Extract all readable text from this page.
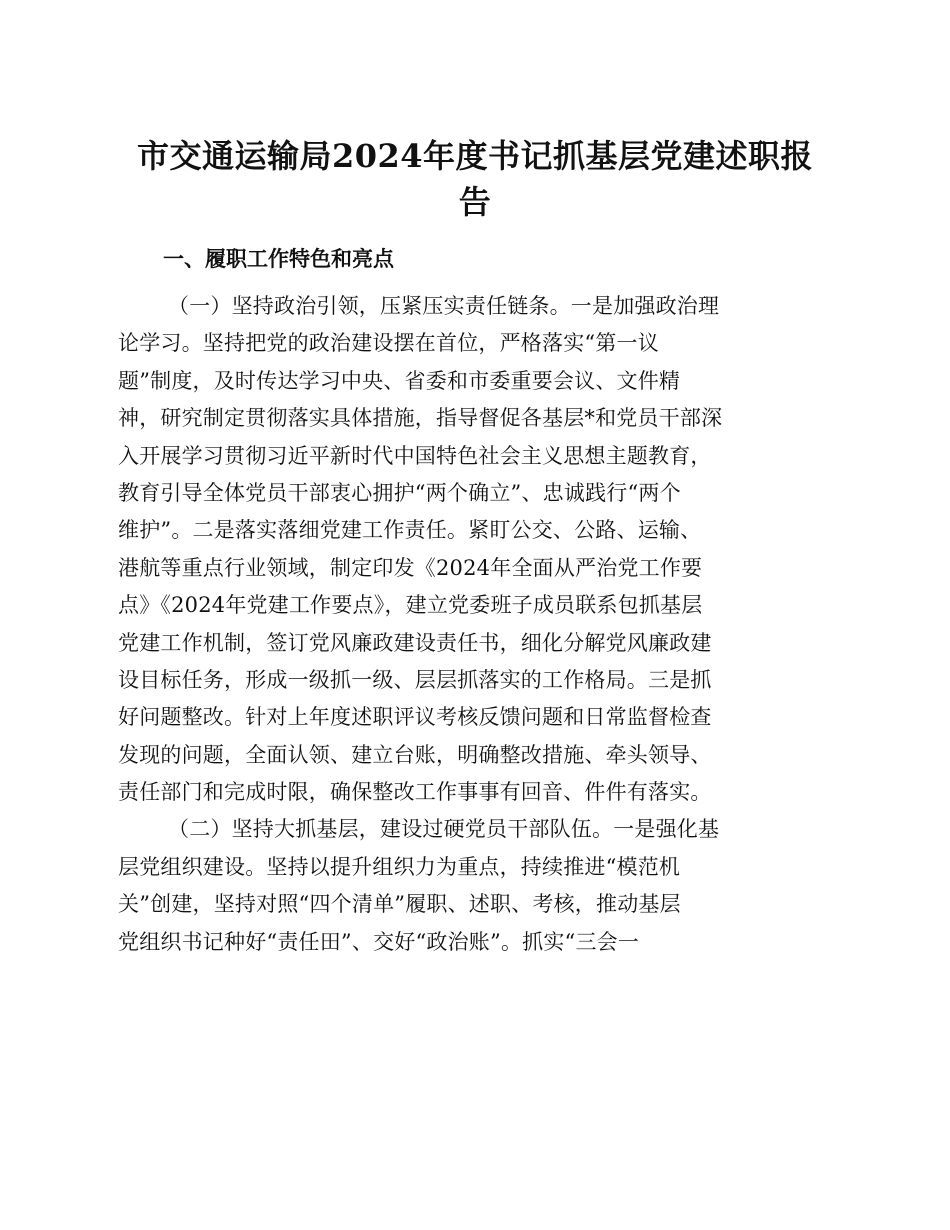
市交通运输局2024年度书记抓基层党建述职报
告
一、履职工作特色和亮点
（一）坚持政治引领，压紧压实责任链条。一是加强政治理
论学习。坚持把党的政治建设摆在首位，严格落实“第一议
题”制度，及时传达学习中央、省委和市委重要会议、文件精
神，研究制定贯彻落实具体措施，指导督促各基层*和党员干部深
入开展学习贯彻习近平新时代中国特色社会主义思想主题教育，
教育引导全体党员干部衷心拥护“两个确立”、忠诚践行“两个
维护”。二是落实落细党建工作责任。紧盯公交、公路、运输、
港航等重点行业领域，制定印发《2024年全面从严治党工作要
点》《2024年党建工作要点》，建立党委班子成员联系包抓基层
党建工作机制，签订党风廉政建设责任书，细化分解党风廉政建
设目标任务，形成一级抓一级、层层抓落实的工作格局。三是抓
好问题整改。针对上年度述职评议考核反馈问题和日常监督检查
发现的问题，全面认领、建立台账，明确整改措施、牵头领导、
责任部门和完成时限，确保整改工作事事有回音、件件有落实。
（二）坚持大抓基层，建设过硬党员干部队伍。一是强化基
层党组织建设。坚持以提升组织力为重点，持续推进“模范机
关”创建，坚持对照“四个清单”履职、述职、考核，推动基层
党组织书记种好“责任田”、交好“政治账”。抓实“三会一
